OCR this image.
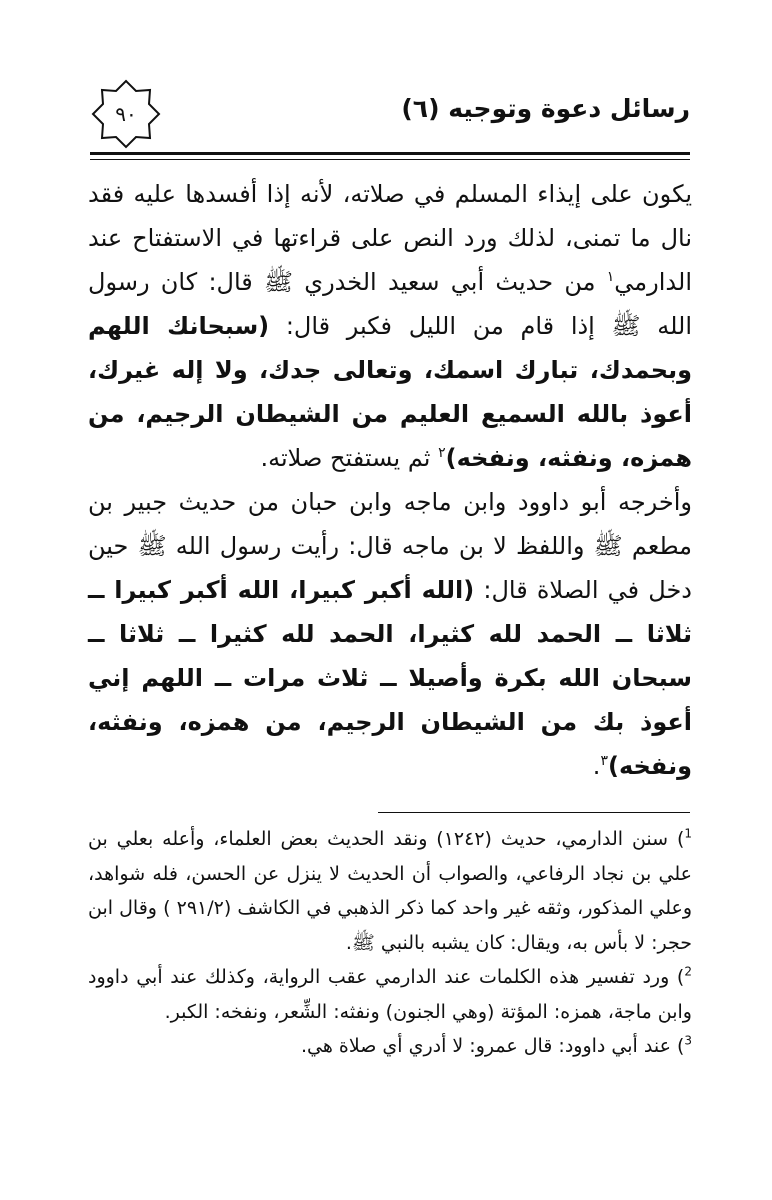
٩٠	رسائل دعوة وتوجيه (٦)

يكون على إيذاء المسلم في صلاته، لأنه إذا أفسدها عليه فقد نال ما تمنى، لذلك ورد النص على قراءتها في الاستفتاح عند الدارمي$^١$ من حديث أبي سعيد الخدري ﷺ قال: كان رسول الله ﷺ إذا قام من الليل فكبر قال: (سبحانك اللهم وبحمدك، تبارك اسمك، وتعالى جدك، ولا إله غيرك، أعوذ بالله السميع العليم من الشيطان الرجيم، من همزه، ونفثه، ونفخه)$^٢$ ثم يستفتح صلاته.

وأخرجه أبو داوود وابن ماجه وابن حبان من حديث جبير بن مطعم ﷺ واللفظ لا بن ماجه قال: رأيت رسول الله ﷺ حين دخل في الصلاة قال: (الله أكبر كبيرا، الله أكبر كبيرا ــ ثلاثا ــ الحمد لله كثيرا، الحمد لله كثيرا ــ ثلاثا ــ سبحان الله بكرة وأصيلا ــ ثلاث مرات ــ اللهم إني أعوذ بك من الشيطان الرجيم، من همزه، ونفثه، ونفخه)$^٣$.

$^1$) سنن الدارمي، حديث (١٢٤٢) ونقد الحديث بعض العلماء، وأعله بعلي بن علي بن نجاد الرفاعي، والصواب أن الحديث لا ينزل عن الحسن، فله شواهد، وعلي المذكور، وثقه غير واحد كما ذكر الذهبي في الكاشف (٢٩١/٢ ) وقال ابن حجر: لا بأس به، ويقال: كان يشبه بالنبي ﷺ.

$^2$) ورد تفسير هذه الكلمات عند الدارمي عقب الرواية، وكذلك عند أبي داوود وابن ماجة، همزه: المؤتة (وهي الجنون) ونفثه: الشِّعر، ونفخه: الكبر.

$^3$) عند أبي داوود: قال عمرو: لا أدري أي صلاة هي.
